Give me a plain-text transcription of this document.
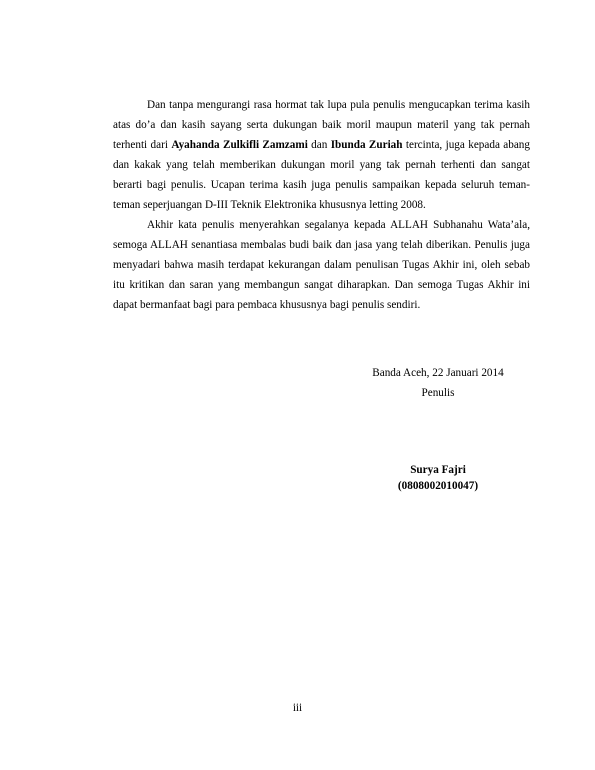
Dan tanpa mengurangi rasa hormat tak lupa pula penulis mengucapkan terima kasih atas do’a dan kasih sayang serta dukungan baik moril maupun materil yang tak pernah terhenti dari Ayahanda Zulkifli Zamzami dan Ibunda Zuriah tercinta, juga kepada abang dan kakak yang telah memberikan dukungan moril yang tak pernah terhenti dan sangat berarti bagi penulis. Ucapan terima kasih juga penulis sampaikan kepada seluruh teman-teman seperjuangan D-III Teknik Elektronika khususnya letting 2008.

Akhir kata penulis menyerahkan segalanya kepada ALLAH Subhanahu Wata’ala, semoga ALLAH senantiasa membalas budi baik dan jasa yang telah diberikan. Penulis juga menyadari bahwa masih terdapat kekurangan dalam penulisan Tugas Akhir ini, oleh sebab itu kritikan dan saran yang membangun sangat diharapkan. Dan semoga Tugas Akhir ini dapat bermanfaat bagi para pembaca khususnya bagi penulis sendiri.

Banda Aceh, 22 Januari 2014
Penulis
Surya Fajri
(0808002010047)
iii
